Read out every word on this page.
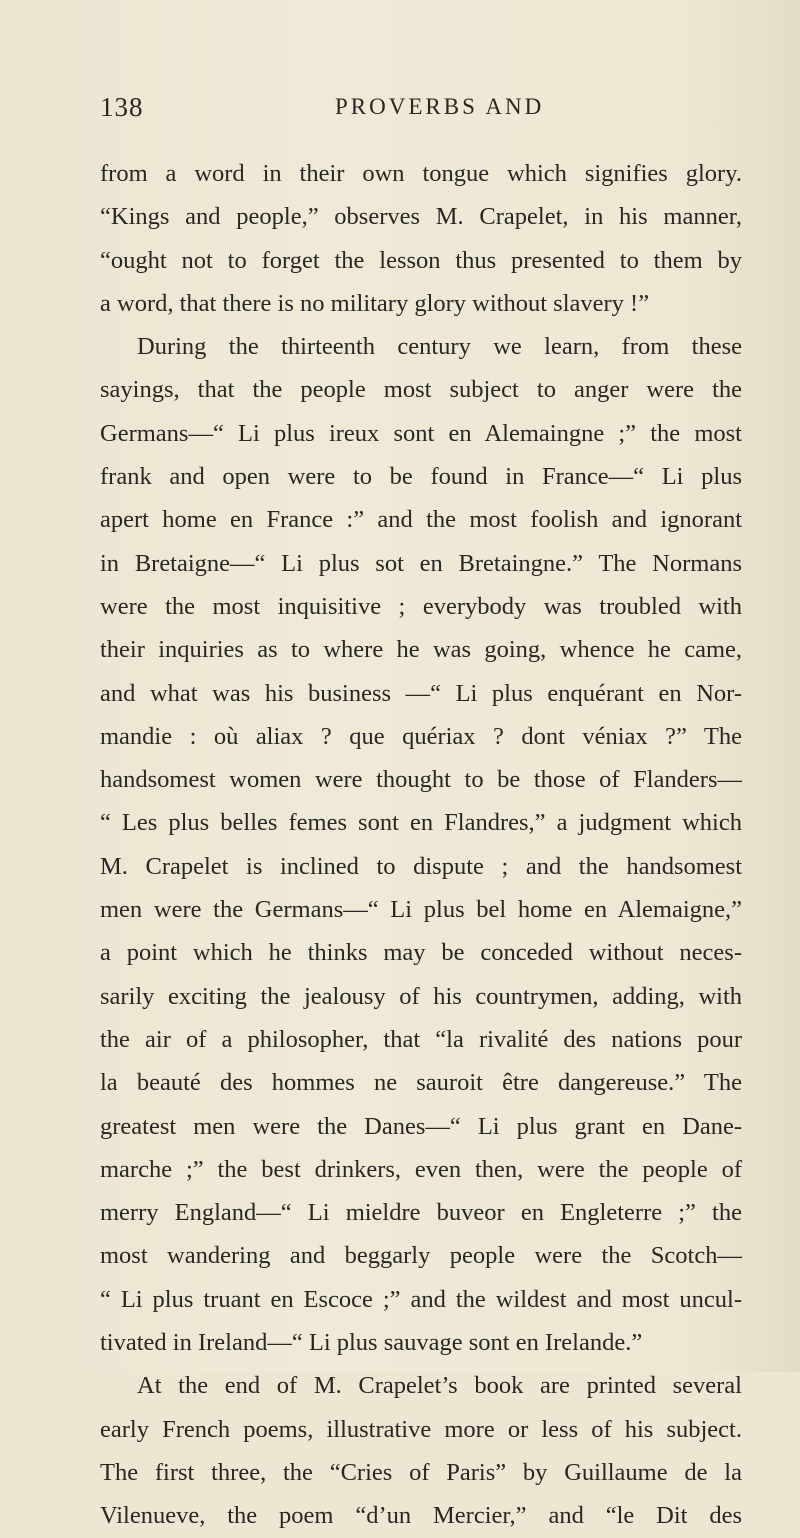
138	PROVERBS AND
from a word in their own tongue which signifies glory.
“Kings and people,” observes M. Crapelet, in his manner,
“ought not to forget the lesson thus presented to them by
a word, that there is no military glory without slavery !”
During the thirteenth century we learn, from these
sayings, that the people most subject to anger were the
Germans—“ Li plus ireux sont en Alemaingne ;” the most
frank and open were to be found in France—“ Li plus
apert home en France :” and the most foolish and ignorant
in Bretaigne—“ Li plus sot en Bretaingne.” The Normans
were the most inquisitive ; everybody was troubled with
their inquiries as to where he was going, whence he came,
and what was his business —“ Li plus enquérant en Nor-
mandie : où aliax ? que quériax ? dont véniax ?” The
handsomest women were thought to be those of Flanders—
“ Les plus belles femes sont en Flandres,” a judgment which
M. Crapelet is inclined to dispute ; and the handsomest
men were the Germans—“ Li plus bel home en Alemaigne,”
a point which he thinks may be conceded without neces-
sarily exciting the jealousy of his countrymen, adding, with
the air of a philosopher, that “la rivalité des nations pour
la beauté des hommes ne sauroit être dangereuse.” The
greatest men were the Danes—“ Li plus grant en Dane-
marche ;” the best drinkers, even then, were the people of
merry England—“ Li mieldre buveor en Engleterre ;” the
most wandering and beggarly people were the Scotch—
“ Li plus truant en Escoce ;” and the wildest and most uncul-
tivated in Ireland—“ Li plus sauvage sont en Irelande.”
At the end of M. Crapelet’s book are printed several
early French poems, illustrative more or less of his subject.
The first three, the “Cries of Paris” by Guillaume de la
Vilenueve, the poem “d’un Mercier,” and “le Dit des
